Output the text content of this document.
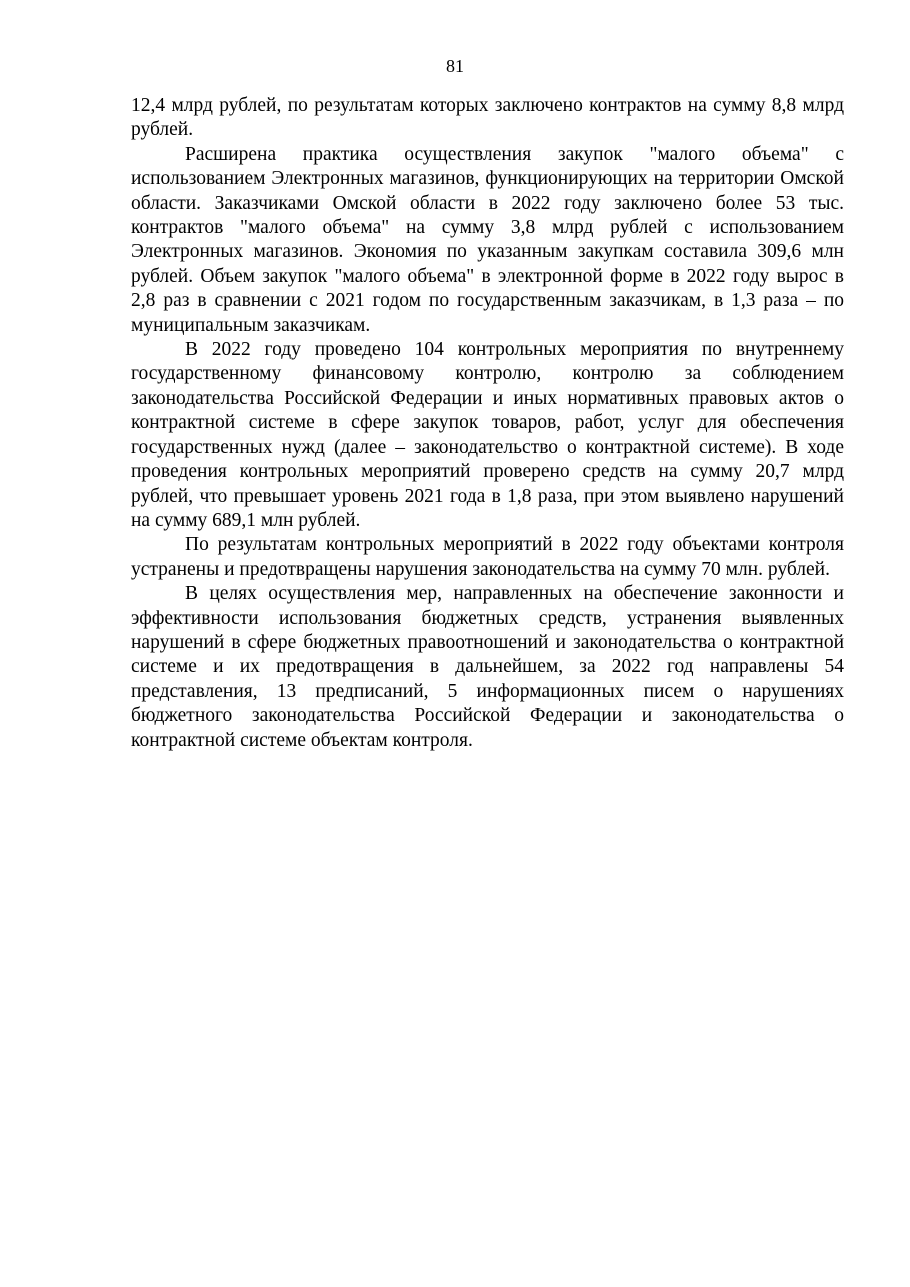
81

12,4 млрд рублей, по результатам которых заключено контрактов на сумму 8,8 млрд рублей.

Расширена практика осуществления закупок "малого объема" с использованием Электронных магазинов, функционирующих на территории Омской области. Заказчиками Омской области в 2022 году заключено более 53 тыс. контрактов "малого объема" на сумму 3,8 млрд рублей с использованием Электронных магазинов. Экономия по указанным закупкам составила 309,6 млн рублей. Объем закупок "малого объема" в электронной форме в 2022 году вырос в 2,8 раз в сравнении с 2021 годом по государственным заказчикам, в 1,3 раза – по муниципальным заказчикам.

В 2022 году проведено 104 контрольных мероприятия по внутреннему государственному финансовому контролю, контролю за соблюдением законодательства Российской Федерации и иных нормативных правовых актов о контрактной системе в сфере закупок товаров, работ, услуг для обеспечения государственных нужд (далее – законодательство о контрактной системе). В ходе проведения контрольных мероприятий проверено средств на сумму 20,7 млрд рублей, что превышает уровень 2021 года в 1,8 раза, при этом выявлено нарушений на сумму 689,1 млн рублей.

По результатам контрольных мероприятий в 2022 году объектами контроля устранены и предотвращены нарушения законодательства на сумму 70 млн. рублей.

В целях осуществления мер, направленных на обеспечение законности и эффективности использования бюджетных средств, устранения выявленных нарушений в сфере бюджетных правоотношений и законодательства о контрактной системе и их предотвращения в дальнейшем, за 2022 год направлены 54 представления, 13 предписаний, 5 информационных писем о нарушениях бюджетного законодательства Российской Федерации и законодательства о контрактной системе объектам контроля.
